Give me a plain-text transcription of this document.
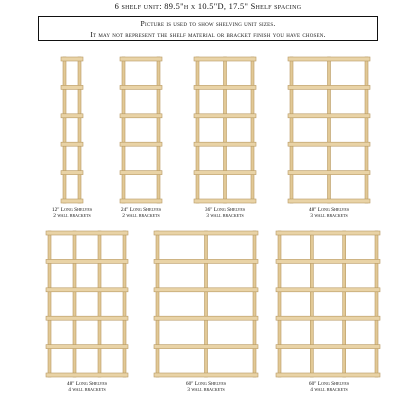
6 shelf unit: 89.5"h x 10.5"D, 17.5" Shelf spacing
Picture is used to show shelving unit sizes.
It may not represent the shelf material or bracket finish you have chosen.
12" Long Shelves
2 wall brackets
24" Long Shelves
2 wall brackets
36" Long Shelves
3 wall brackets
48" Long Shelves
3 wall brackets
48" Long Shelves
4 wall brackets
60" Long Shelves
3 wall brackets
60" Long Shelves
4 wall brackets
